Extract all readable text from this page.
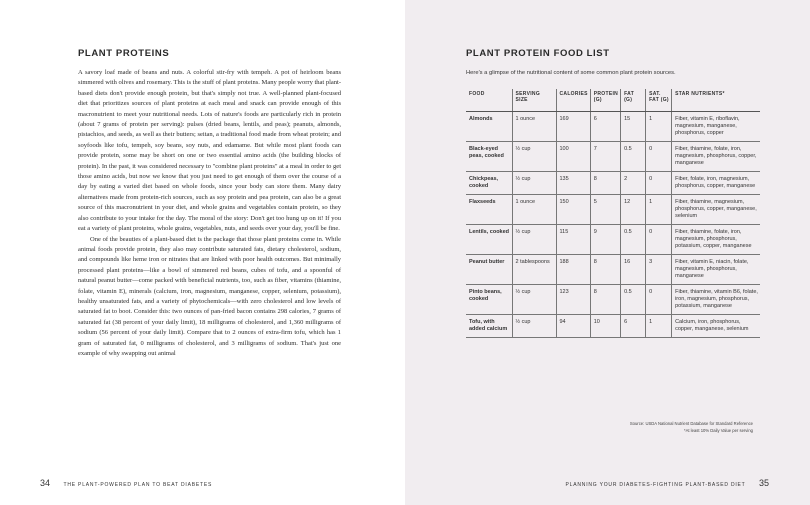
PLANT PROTEINS

A savory loaf made of beans and nuts. A colorful stir-fry with tempeh. A pot of heirloom beans simmered with olives and rosemary. This is the stuff of plant proteins. Many people worry that plant-based diets don't provide enough protein, but that's simply not true. A well-planned plant-focused diet that prioritizes sources of plant proteins at each meal and snack can provide enough of this macronutrient to meet your nutritional needs. Lots of nature's foods are particularly rich in protein (about 7 grams of protein per serving): pulses (dried beans, lentils, and peas); peanuts, almonds, pistachios, and seeds, as well as their butters; seitan, a traditional food made from wheat protein; and soyfoods like tofu, tempeh, soy beans, soy nuts, and edamame. But while most plant foods can provide protein, some may be short on one or two essential amino acids (the building blocks of protein). In the past, it was considered necessary to "combine plant proteins" at a meal in order to get those amino acids, but now we know that you just need to get enough of them over the course of a day by eating a varied diet based on whole foods, since your body can store them. Many dairy alternatives made from protein-rich sources, such as soy protein and pea protein, can also be a great source of this macronutrient in your diet, and whole grains and vegetables contain protein, so they also contribute to your intake for the day. The moral of the story: Don't get too hung up on it! If you eat a variety of plant proteins, whole grains, vegetables, nuts, and seeds over your day, you'll be fine.

One of the beauties of a plant-based diet is the package that those plant proteins come in. While animal foods provide protein, they also may contribute saturated fats, dietary cholesterol, sodium, and compounds like heme iron or nitrates that are linked with poor health outcomes. But minimally processed plant proteins—like a bowl of simmered red beans, cubes of tofu, and a spoonful of natural peanut butter—come packed with beneficial nutrients, too, such as fiber, vitamins (thiamine, folate, vitamin E), minerals (calcium, iron, magnesium, manganese, copper, selenium, potassium), healthy unsaturated fats, and a variety of phytochemicals—with zero cholesterol and low levels of saturated fat to boot. Consider this: two ounces of pan-fried bacon contains 298 calories, 7 grams of saturated fat (38 percent of your daily limit), 18 milligrams of cholesterol, and 1,360 milligrams of sodium (56 percent of your daily limit). Compare that to 2 ounces of extra-firm tofu, which has 1 gram of saturated fat, 0 milligrams of cholesterol, and 3 milligrams of sodium. That's just one example of why swapping out animal

PLANT PROTEIN FOOD LIST
Here's a glimpse of the nutritional content of some common plant protein sources.
FOOD	SERVING SIZE	CALORIES	PROTEIN (G)	FAT (G)	SAT. FAT (G)	STAR NUTRIENTS*
Almonds	1 ounce	169	6	15	1	Fiber, vitamin E, riboflavin, magnesium, manganese, phosphorus, copper
Black-eyed peas, cooked	½ cup	100	7	0.5	0	Fiber, thiamine, folate, iron, magnesium, phosphorus, copper, manganese
Chickpeas, cooked	½ cup	135	8	2	0	Fiber, folate, iron, magnesium, phosphorus, copper, manganese
Flaxseeds	1 ounce	150	5	12	1	Fiber, thiamine, magnesium, phosphorus, copper, manganese, selenium
Lentils, cooked	½ cup	115	9	0.5	0	Fiber, thiamine, folate, iron, magnesium, phosphorus, potassium, copper, manganese
Peanut butter	2 tablespoons	188	8	16	3	Fiber, vitamin E, niacin, folate, magnesium, phosphorus, manganese
Pinto beans, cooked	½ cup	123	8	0.5	0	Fiber, thiamine, vitamin B6, folate, iron, magnesium, phosphorus, potassium, manganese
Tofu, with added calcium	½ cup	94	10	6	1	Calcium, iron, phosphorus, copper, manganese, selenium
Source: USDA National Nutrient Database for Standard Reference
*At least 10% Daily Value per serving
34	THE PLANT-POWERED PLAN TO BEAT DIABETES	PLANNING YOUR DIABETES-FIGHTING PLANT-BASED DIET 35
